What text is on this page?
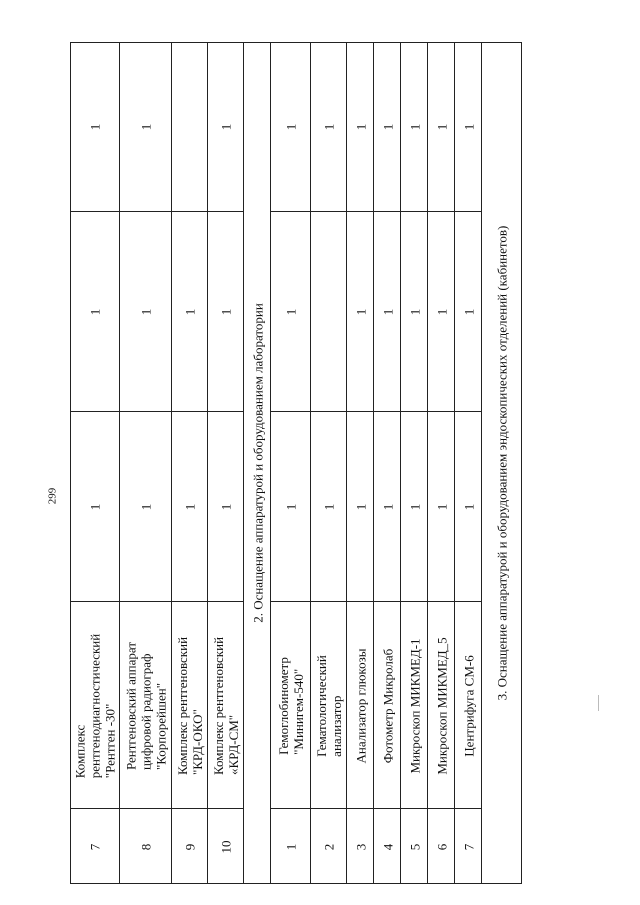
299
1
1
1
Комплекс
рентгенодиагностический
"Рентген -30"
7
1
1
1
Рентгеновский аппарат
цифровой радиограф
"Корпорейшен"
8
1
1
Комплекс рентгеновский
"КРД-ОКО"
9
1
1
1
Комплекс рентгеновский
«КРД-СМ"
10
2. Оснащение аппаратурой и оборудованием лаборатории
1
1
1
Гемоглобинометр
"Минигем-540"
1
1
1
Гематологический
анализатор
2
1
1
1
Анализатор глюкозы
3
1
1
1
Фотометр Микролаб
4
1
1
1
Микроскоп МИКМЕД-1
5
1
1
1
Микроскоп МИКМЕД_5
6
1
1
1
Центрифуга СМ-6
7
3. Оснащение аппаратурой и оборудованием эндоскопических отделений (кабинетов)
